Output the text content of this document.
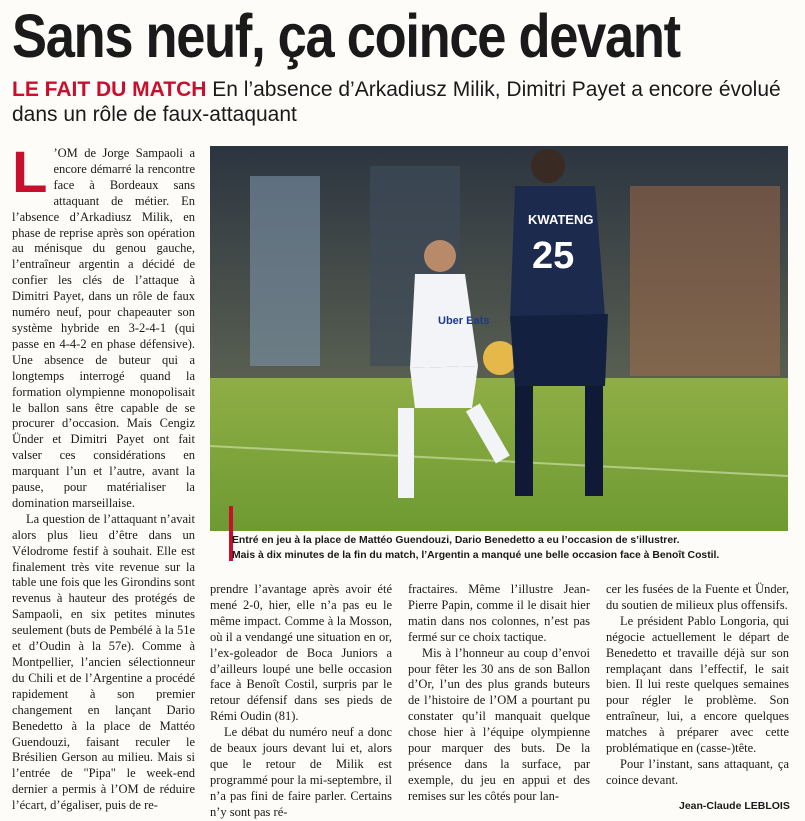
Sans neuf, ça coince devant
LE FAIT DU MATCH En l’absence d’Arkadiusz Milik, Dimitri Payet a encore évolué dans un rôle de faux-attaquant

L ’OM de Jorge Sampaoli a encore démarré la rencontre face à Bordeaux sans attaquant de métier. En l’absence d’Arkadiusz Milik, en phase de reprise après son opération au ménisque du genou gauche, l’entraîneur argentin a décidé de confier les clés de l’attaque à Dimitri Payet, dans un rôle de faux numéro neuf, pour chapeauter son système hybride en 3-2-4-1 (qui passe en 4-4-2 en phase défensive). Une absence de buteur qui a longtemps interrogé quand la formation olympienne monopolisait le ballon sans être capable de se procurer d’occasion. Mais Cengiz Ünder et Dimitri Payet ont fait valser ces considérations en marquant l’un et l’autre, avant la pause, pour matérialiser la domination marseillaise.

La question de l’attaquant n’avait alors plus lieu d’être dans un Vélodrome festif à souhait. Elle est finalement très vite revenue sur la table une fois que les Girondins sont revenus à hauteur des protégés de Sampaoli, en six petites minutes seulement (buts de Pembélé à la 51e et d’Oudin à la 57e). Comme à Montpellier, l’ancien sélectionneur du Chili et de l’Argentine a procédé rapidement à son premier changement en lançant Dario Benedetto à la place de Mattéo Guendouzi, faisant reculer le Brésilien Gerson au milieu. Mais si l’entrée de "Pipa" le week-end dernier a permis à l’OM de réduire l’écart, d’égaliser, puis de re-

Uber Eats
KWATENG
25
Entré en jeu à la place de Mattéo Guendouzi, Dario Benedetto a eu l’occasion de s’illustrer.
Mais à dix minutes de la fin du match, l’Argentin a manqué une belle occasion face à Benoît Costil.

prendre l’avantage après avoir été mené 2-0, hier, elle n’a pas eu le même impact. Comme à la Mosson, où il a vendangé une situation en or, l’ex-goleador de Boca Juniors a d’ailleurs loupé une belle occasion face à Benoît Costil, surpris par le retour défensif dans ses pieds de Rémi Oudin (81).

Le débat du numéro neuf a donc de beaux jours devant lui et, alors que le retour de Milik est programmé pour la mi-septembre, il n’a pas fini de faire parler. Certains n’y sont pas ré-

fractaires. Même l’illustre Jean-Pierre Papin, comme il le disait hier matin dans nos colonnes, n’est pas fermé sur ce choix tactique.

Mis à l’honneur au coup d’envoi pour fêter les 30 ans de son Ballon d’Or, l’un des plus grands buteurs de l’histoire de l’OM a pourtant pu constater qu’il manquait quelque chose hier à l’équipe olympienne pour marquer des buts. De la présence dans la surface, par exemple, du jeu en appui et des remises sur les côtés pour lan-

cer les fusées de la Fuente et Ünder, du soutien de milieux plus offensifs.

Le président Pablo Longoria, qui négocie actuellement le départ de Benedetto et travaille déjà sur son remplaçant dans l’effectif, le sait bien. Il lui reste quelques semaines pour régler le problème. Son entraîneur, lui, a encore quelques matches à préparer avec cette problématique en (casse-)tête.

Pour l’instant, sans attaquant, ça coince devant.

Jean-Claude LEBLOIS
